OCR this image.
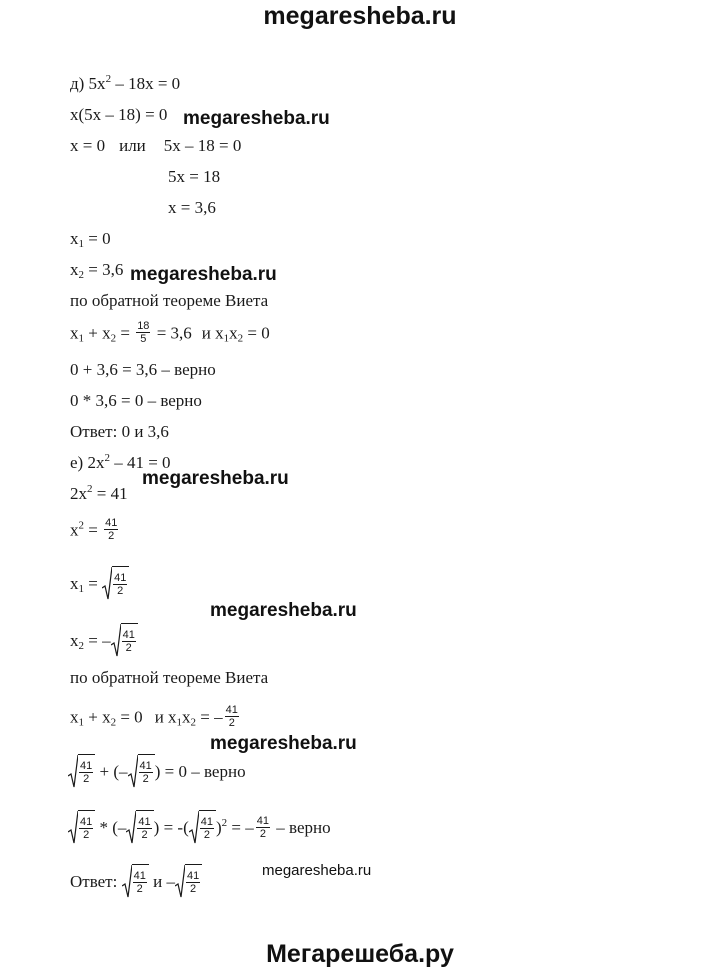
megaresheba.ru
Мегарешеба.ру
д) $5x^2 - 18x = 0$
x(5x – 18) = 0
x = 0 или 5x – 18 = 0
5x = 18
x = 3,6
$x_1 = 0$
$x_2 = 3,6$
по обратной теореме Виета
$x_1 + x_2 = \frac{18}{5} = 3,6$ и $x_1x_2 = 0$
0 + 3,6 = 3,6 – верно
0 * 3,6 = 0 – верно
Ответ: 0 и 3,6
е) $2x^2 - 41 = 0$
$2x^2 = 41$
$x^2 = \frac{41}{2}$
$x_1 = \frac{41}{2}$
$x_2$ = – $\frac{41}{2}$
по обратной теореме Виета
$x_1 + x_2 = 0$ и $x_1x_2$ = – $\frac{41}{2}$
$\frac{41}{2}$ + (– $\frac{41}{2}$ ) = 0 – верно
$\frac{41}{2}$ * (– $\frac{41}{2}$ ) = -( $\frac{41}{2} )^2$ = – $\frac{41}{2}$ – верно
Ответ: $\frac{41}{2}$ и – $\frac{41}{2}$
megaresheba.ru
megaresheba.ru
megaresheba.ru
megaresheba.ru
megaresheba.ru
megaresheba.ru
